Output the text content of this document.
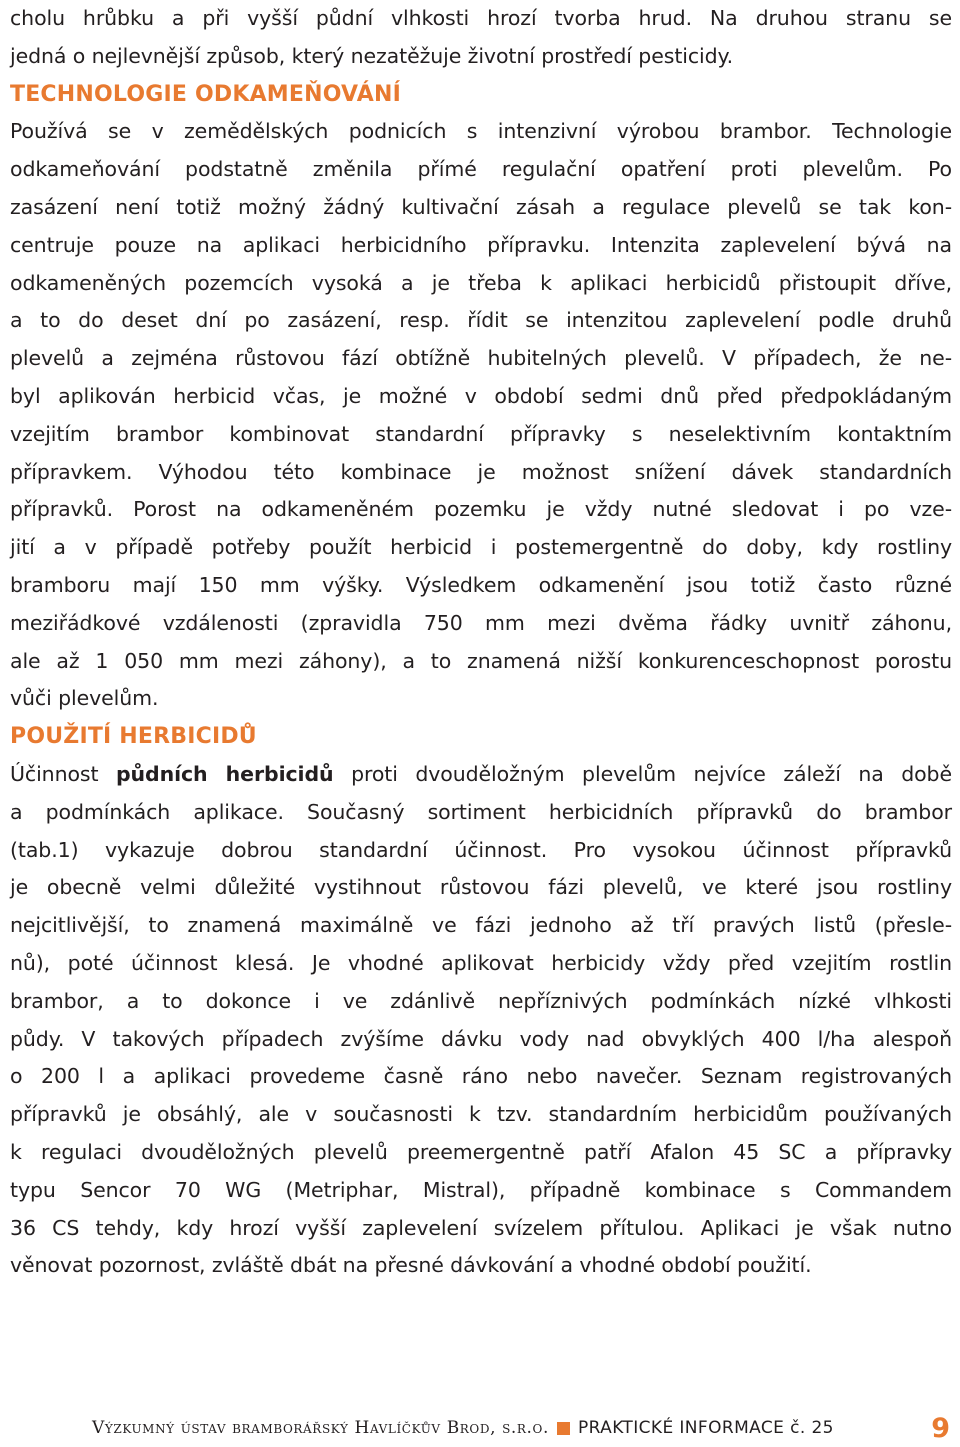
cholu hrůbku a při vyšší půdní vlhkosti hrozí tvorba hrud. Na druhou stranu se
jedná o nejlevnější způsob, který nezatěžuje životní prostředí pesticidy.

TECHNOLOGIE ODKAMEŇOVÁNÍ

Používá se v zemědělských podnicích s intenzivní výrobou brambor. Technologie
odkameňování podstatně změnila přímé regulační opatření proti plevelům. Po
zasázení není totiž možný žádný kultivační zásah a regulace plevelů se tak kon-
centruje pouze na aplikaci herbicidního přípravku. Intenzita zaplevelení bývá na
odkameněných pozemcích vysoká a je třeba k aplikaci herbicidů přistoupit dříve,
a to do deset dní po zasázení, resp. řídit se intenzitou zaplevelení podle druhů
plevelů a zejména růstovou fází obtížně hubitelných plevelů. V případech, že ne-
byl aplikován herbicid včas, je možné v období sedmi dnů před předpokládaným
vzejitím brambor kombinovat standardní přípravky s neselektivním kontaktním
přípravkem. Výhodou této kombinace je možnost snížení dávek standardních
přípravků. Porost na odkameněném pozemku je vždy nutné sledovat i po vze-
jití a v případě potřeby použít herbicid i postemergentně do doby, kdy rostliny
bramboru mají 150 mm výšky. Výsledkem odkamenění jsou totiž často různé
meziřádkové vzdálenosti (zpravidla 750 mm mezi dvěma řádky uvnitř záhonu,
ale až 1 050 mm mezi záhony), a to znamená nižší konkurenceschopnost porostu
vůči plevelům.

POUŽITÍ HERBICIDŮ

Účinnost půdních herbicidů proti dvouděložným plevelům nejvíce záleží na době
a podmínkách aplikace. Současný sortiment herbicidních přípravků do brambor
(tab.1) vykazuje dobrou standardní účinnost. Pro vysokou účinnost přípravků
je obecně velmi důležité vystihnout růstovou fázi plevelů, ve které jsou rostliny
nejcitlivější, to znamená maximálně ve fázi jednoho až tří pravých listů (přesle-
nů), poté účinnost klesá. Je vhodné aplikovat herbicidy vždy před vzejitím rostlin
brambor, a to dokonce i ve zdánlivě nepříznivých podmínkách nízké vlhkosti
půdy. V takových případech zvýšíme dávku vody nad obvyklých 400 l/ha alespoň
o 200 l a aplikaci provedeme časně ráno nebo navečer. Seznam registrovaných
přípravků je obsáhlý, ale v současnosti k tzv. standardním herbicidům používaných
k regulaci dvouděložných plevelů preemergentně patří Afalon 45 SC a přípravky
typu Sencor 70 WG (Metriphar, Mistral), případně kombinace s Commandem
36 CS tehdy, kdy hrozí vyšší zaplevelení svízelem přítulou. Aplikaci je však nutno
věnovat pozornost, zvláště dbát na přesné dávkování a vhodné období použití.

Výzkumný ústav bramborářský Havlíčkův Brod, s.r.o. PRAKTICKÉ INFORMACE č. 25	9
